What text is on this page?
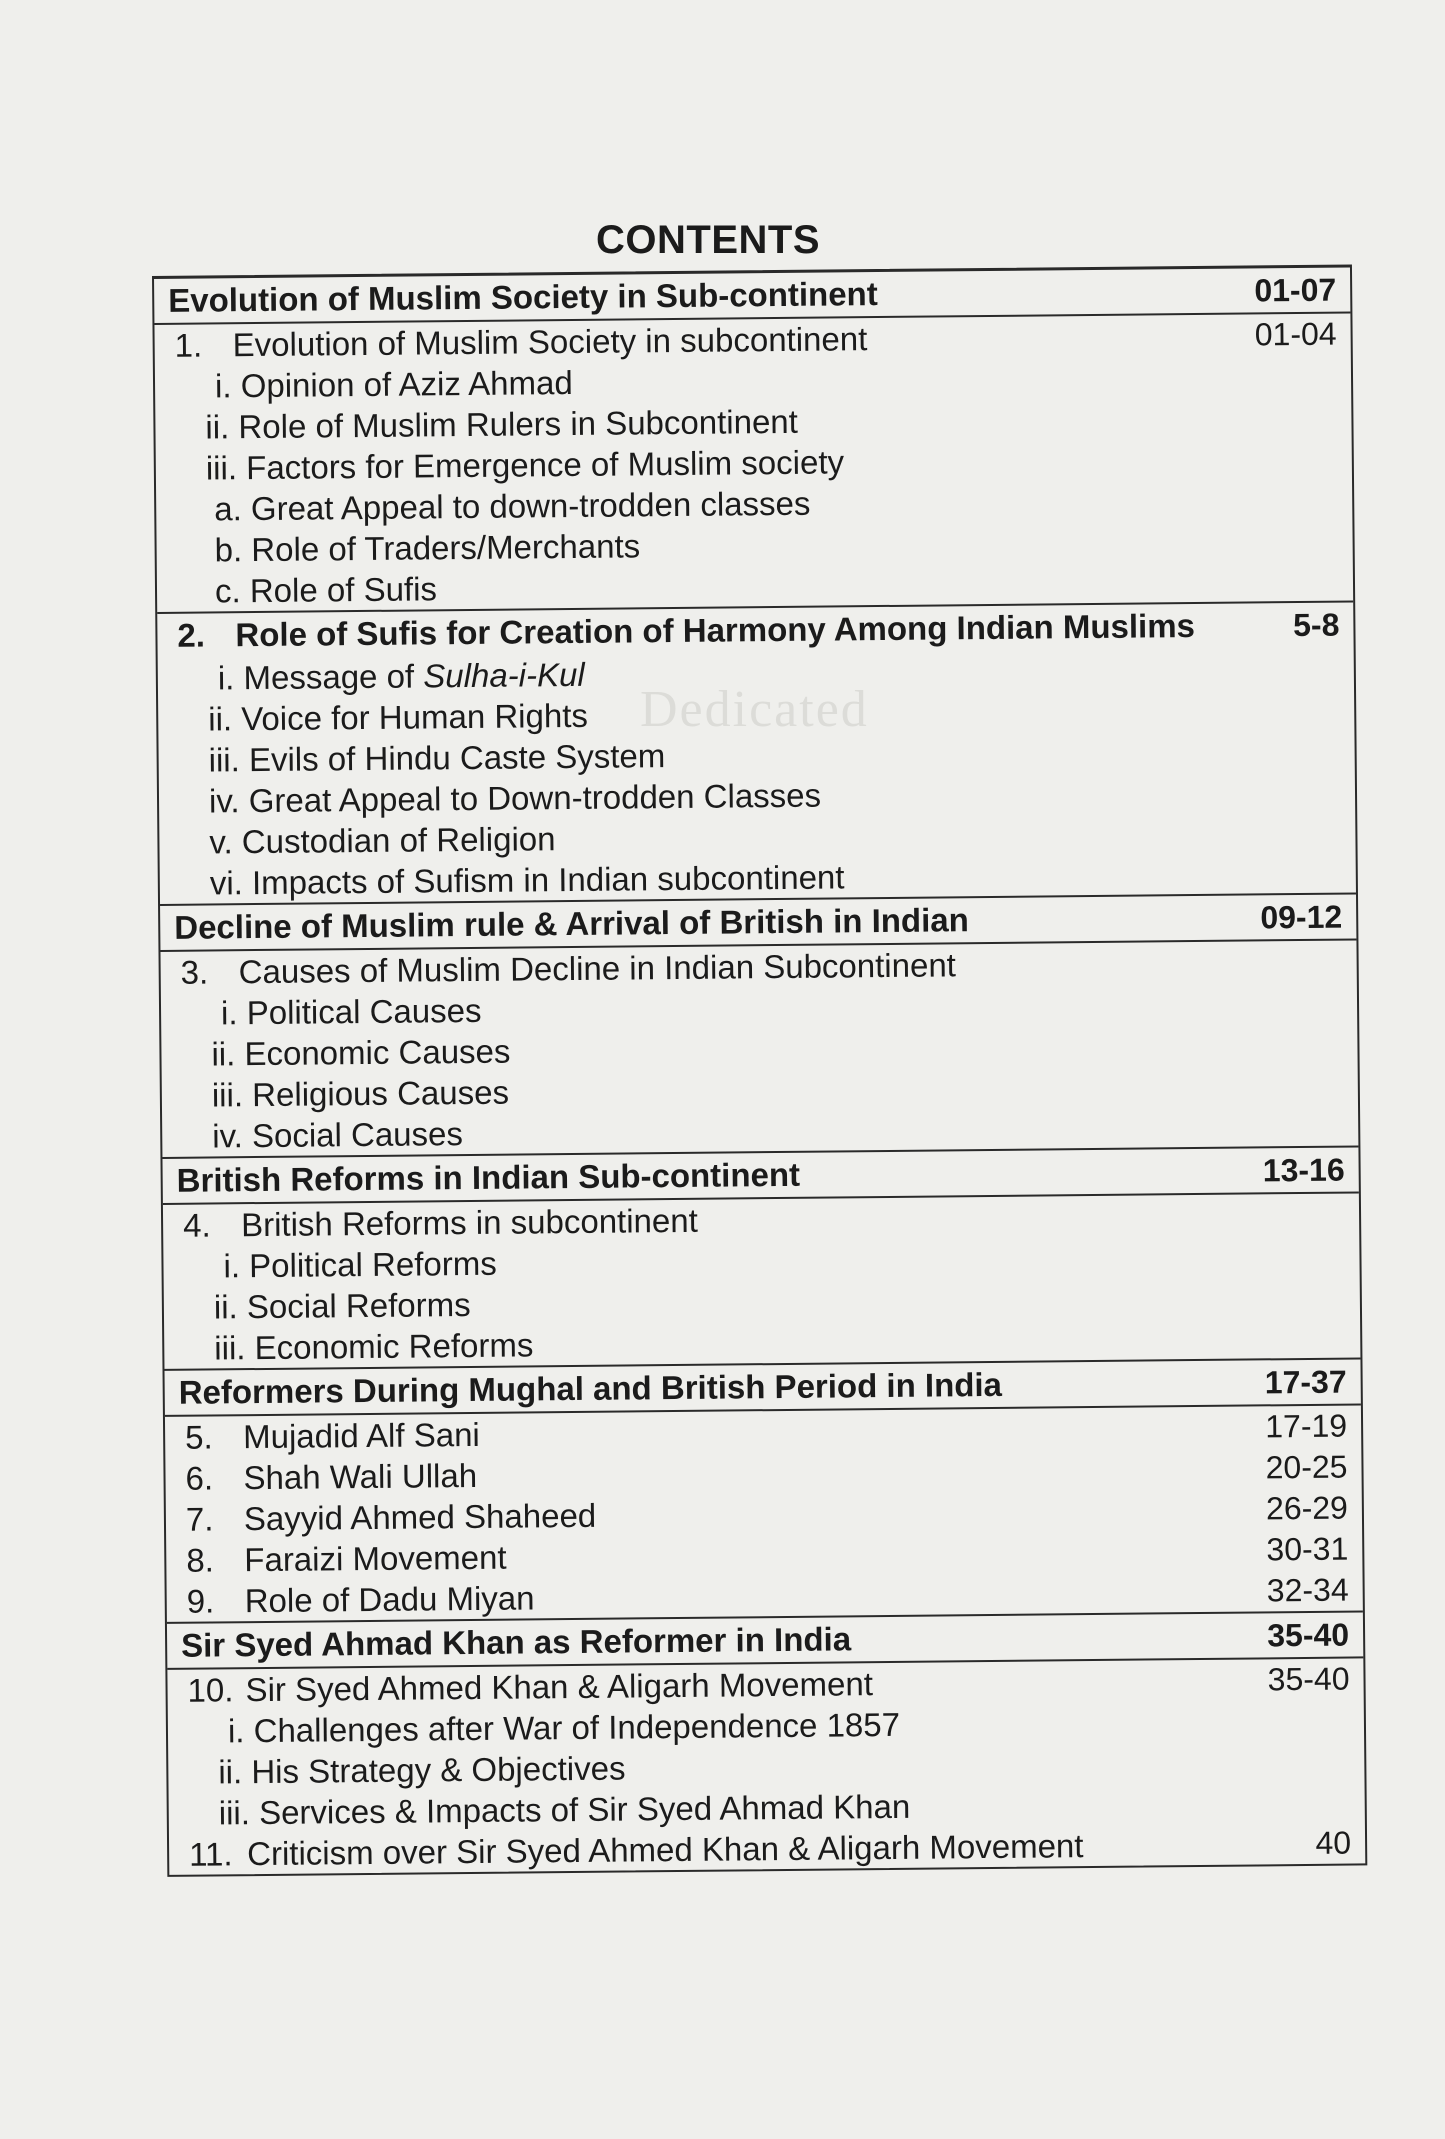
Dedicated
CONTENTS
Evolution of Muslim Society in Sub-continent	01-07
1. Evolution of Muslim Society in subcontinent	01-04
i. Opinion of Aziz Ahmad
ii. Role of Muslim Rulers in Subcontinent
iii. Factors for Emergence of Muslim society
a. Great Appeal to down-trodden classes
b. Role of Traders/Merchants
c. Role of Sufis
2. Role of Sufis for Creation of Harmony Among Indian Muslims	5-8
i. Message of Sulha-i-Kul
ii. Voice for Human Rights
iii. Evils of Hindu Caste System
iv. Great Appeal to Down-trodden Classes
v. Custodian of Religion
vi. Impacts of Sufism in Indian subcontinent
Decline of Muslim rule & Arrival of British in Indian	09-12
3. Causes of Muslim Decline in Indian Subcontinent
i. Political Causes
ii. Economic Causes
iii. Religious Causes
iv. Social Causes
British Reforms in Indian Sub-continent	13-16
4. British Reforms in subcontinent
i. Political Reforms
ii. Social Reforms
iii. Economic Reforms
Reformers During Mughal and British Period in India	17-37
5. Mujadid Alf Sani	17-19
6. Shah Wali Ullah	20-25
7. Sayyid Ahmed Shaheed	26-29
8. Faraizi Movement	30-31
9. Role of Dadu Miyan	32-34
Sir Syed Ahmad Khan as Reformer in India	35-40
10. Sir Syed Ahmed Khan & Aligarh Movement	35-40
i. Challenges after War of Independence 1857
ii. His Strategy & Objectives
iii. Services & Impacts of Sir Syed Ahmad Khan
11. Criticism over Sir Syed Ahmed Khan & Aligarh Movement	40
